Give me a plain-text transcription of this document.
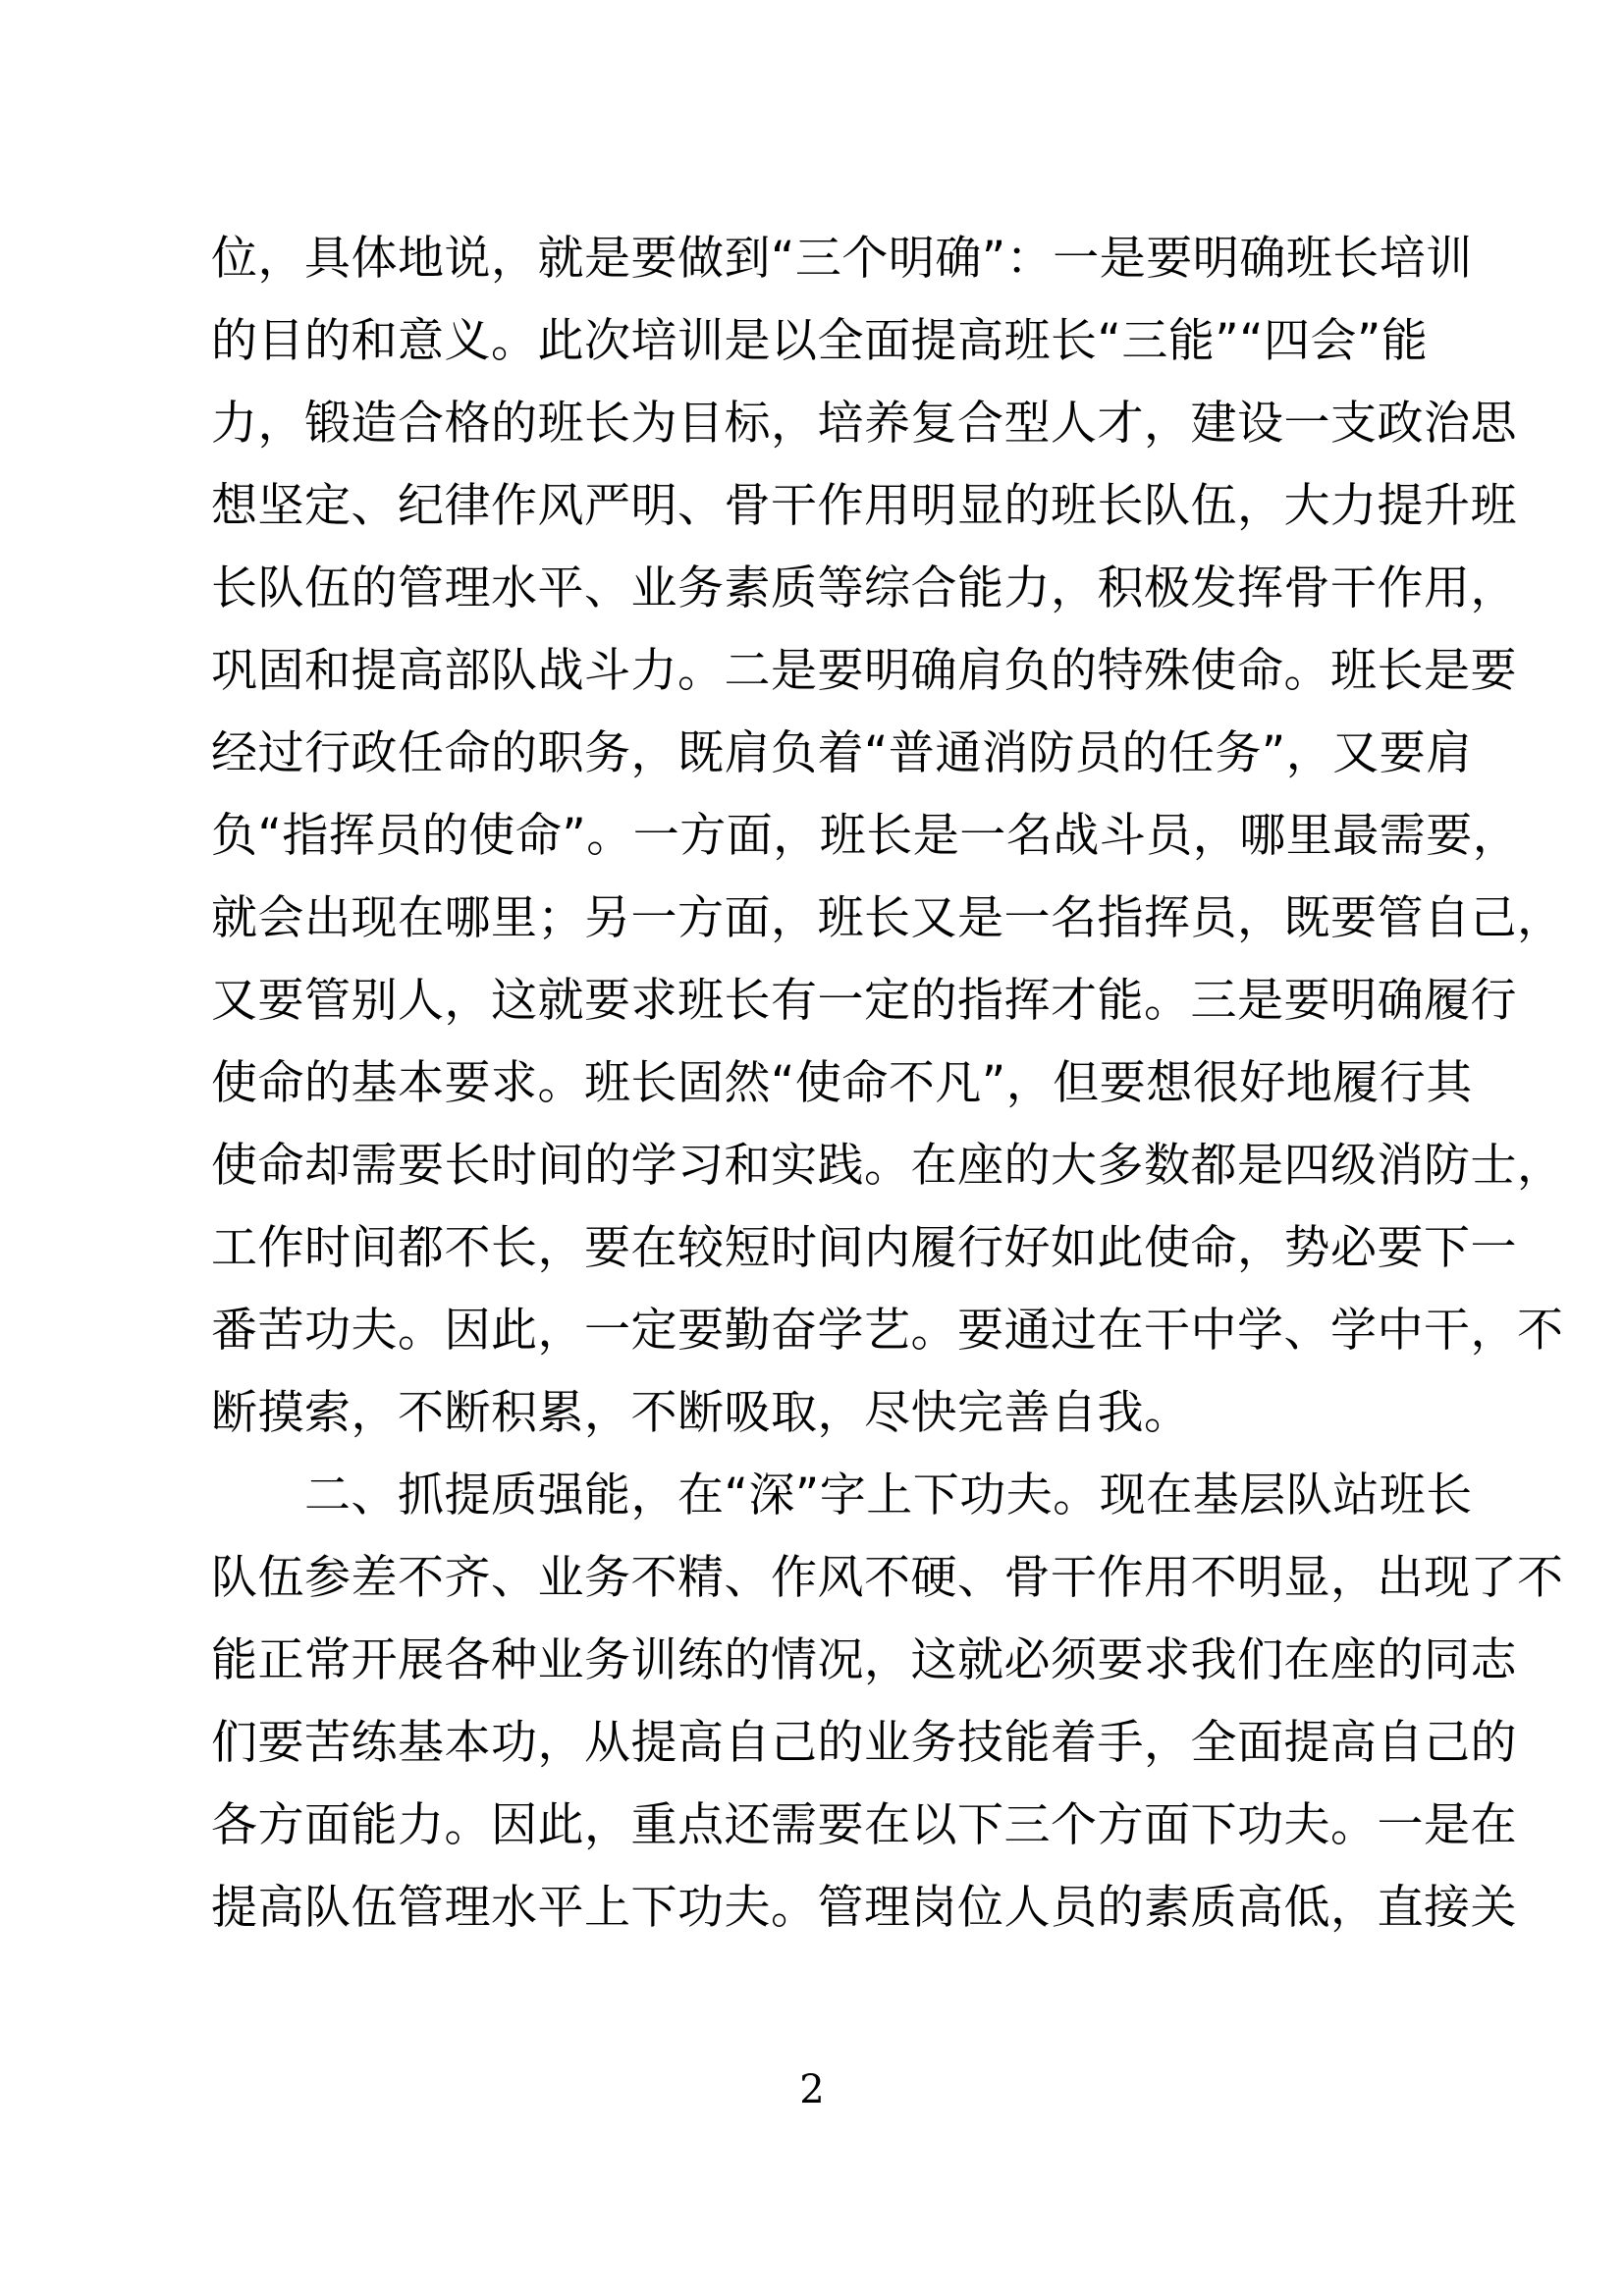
位，具体地说，就是要做到“三个明确”：一是要明确班长培训
的目的和意义。此次培训是以全面提高班长“三能”“四会”能
力，锻造合格的班长为目标，培养复合型人才，建设一支政治思
想坚定、纪律作风严明、骨干作用明显的班长队伍，大力提升班
长队伍的管理水平、业务素质等综合能力，积极发挥骨干作用，
巩固和提高部队战斗力。二是要明确肩负的特殊使命。班长是要
经过行政任命的职务，既肩负着“普通消防员的任务”，又要肩
负“指挥员的使命”。一方面，班长是一名战斗员，哪里最需要，
就会出现在哪里；另一方面，班长又是一名指挥员，既要管自己，
又要管别人，这就要求班长有一定的指挥才能。三是要明确履行
使命的基本要求。班长固然“使命不凡”，但要想很好地履行其
使命却需要长时间的学习和实践。在座的大多数都是四级消防士，
工作时间都不长，要在较短时间内履行好如此使命，势必要下一
番苦功夫。因此，一定要勤奋学艺。要通过在干中学、学中干，不
断摸索，不断积累，不断吸取，尽快完善自我。
　　二、抓提质强能，在“深”字上下功夫。现在基层队站班长
队伍参差不齐、业务不精、作风不硬、骨干作用不明显，出现了不
能正常开展各种业务训练的情况，这就必须要求我们在座的同志
们要苦练基本功，从提高自己的业务技能着手，全面提高自己的
各方面能力。因此，重点还需要在以下三个方面下功夫。一是在
提高队伍管理水平上下功夫。管理岗位人员的素质高低，直接关
2
